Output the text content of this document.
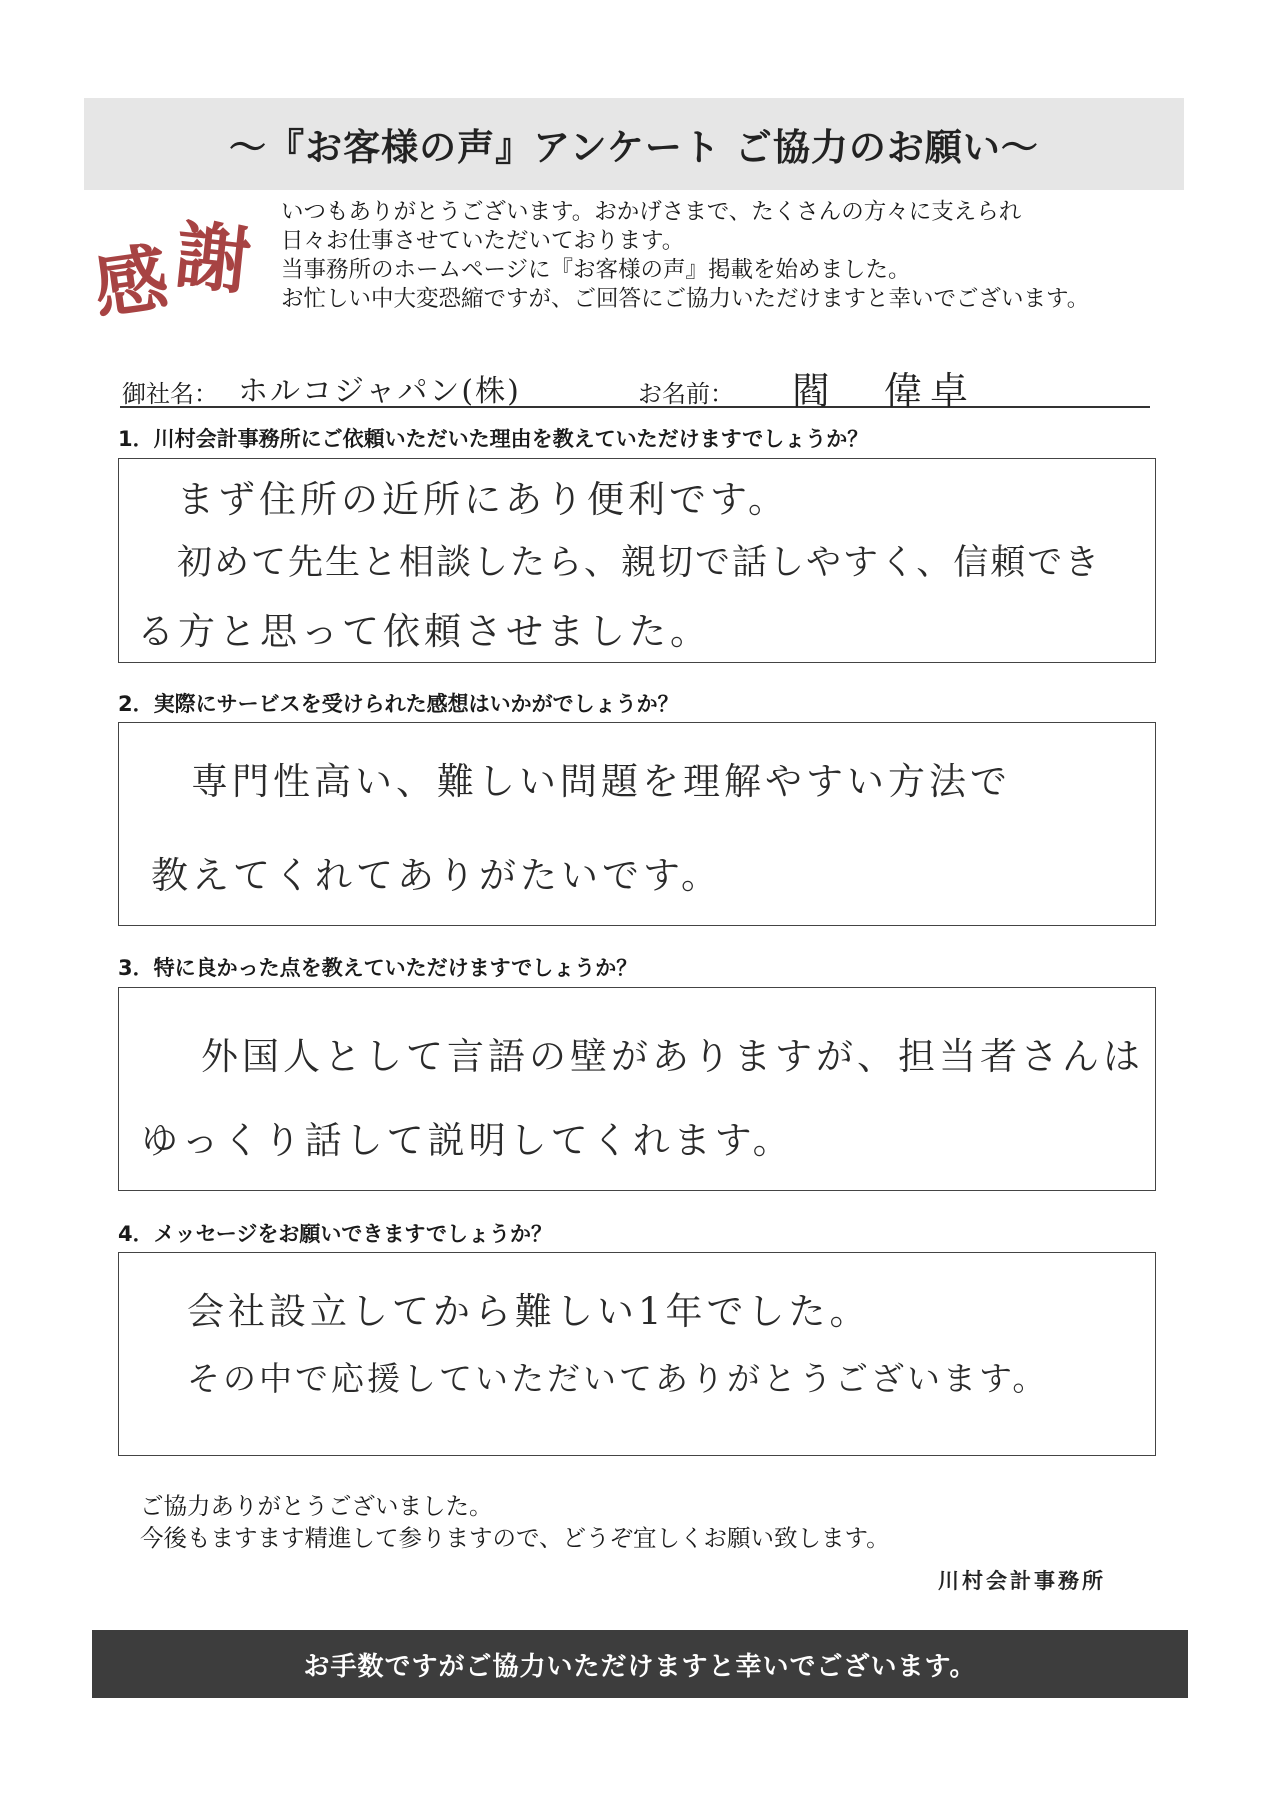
～『お客様の声』アンケート ご協力のお願い～
感
謝
いつもありがとうございます。おかげさまで、たくさんの方々に支えられ
日々お仕事させていただいております。
当事務所のホームページに『お客様の声』掲載を始めました。
お忙しい中大変恐縮ですが、ご回答にご協力いただけますと幸いでございます。
御社名： ホルコジャパン(株)	お名前： 閻　偉卓
1．川村会計事務所にご依頼いただいた理由を教えていただけますでしょうか？
まず住所の近所にあり便利です。
初めて先生と相談したら、親切で話しやすく、信頼でき
る方と思って依頼させました。
2．実際にサービスを受けられた感想はいかがでしょうか？
専門性高い、難しい問題を理解やすい方法で
教えてくれてありがたいです。
3．特に良かった点を教えていただけますでしょうか？
外国人として言語の壁がありますが、担当者さんは
ゆっくり話して説明してくれます。
4．メッセージをお願いできますでしょうか？
会社設立してから難しい1年でした。
その中で応援していただいてありがとうございます。
ご協力ありがとうございました。
今後もますます精進して参りますので、どうぞ宜しくお願い致します。
川村会計事務所
お手数ですがご協力いただけますと幸いでございます。
